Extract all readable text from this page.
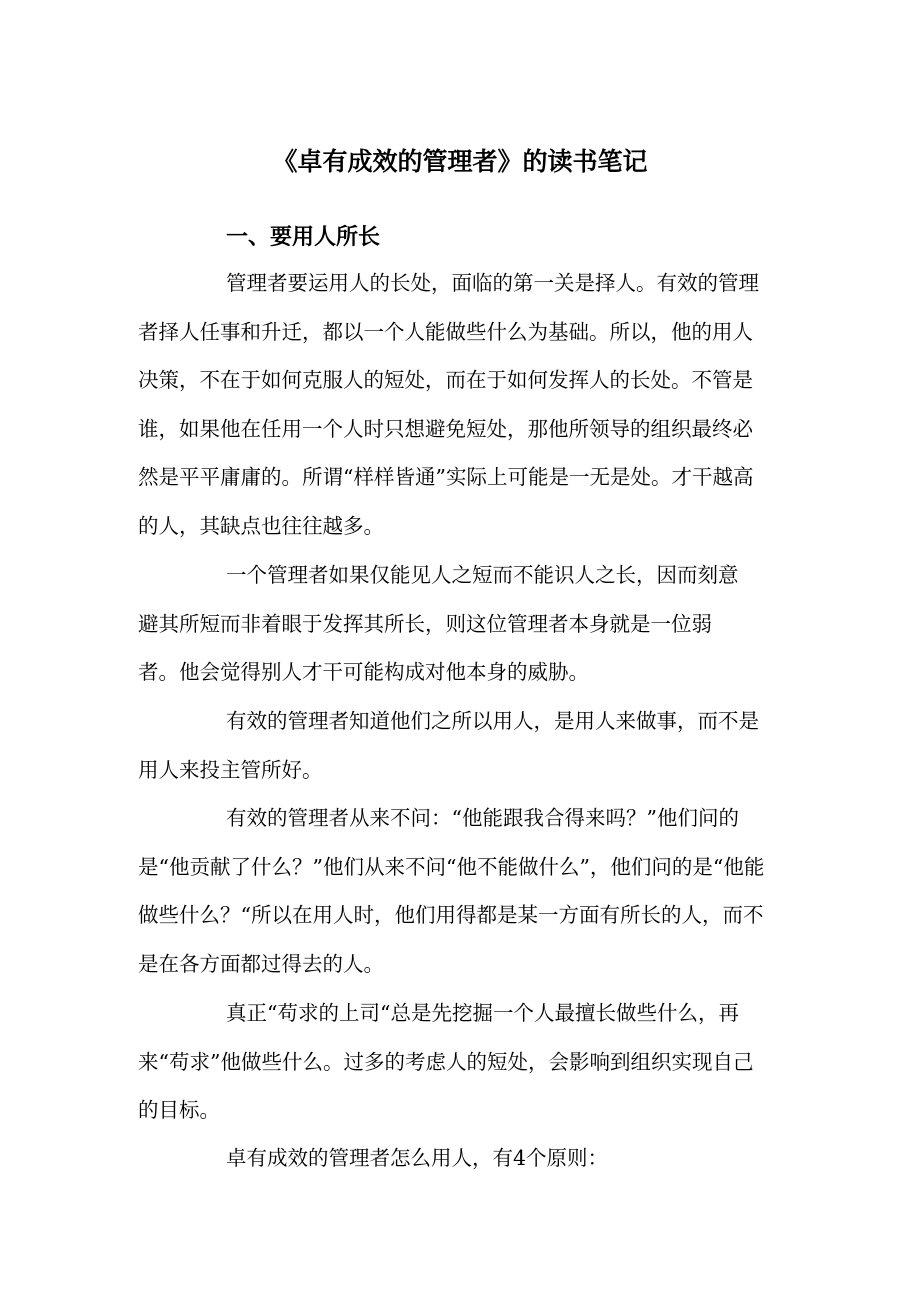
《卓有成效的管理者》的读书笔记
一、要用人所长

管理者要运用人的长处，面临的第一关是择人。有效的管理者择人任事和升迁，都以一个人能做些什么为基础。所以，他的用人决策，不在于如何克服人的短处，而在于如何发挥人的长处。不管是谁，如果他在任用一个人时只想避免短处，那他所领导的组织最终必然是平平庸庸的。所谓“样样皆通”实际上可能是一无是处。才干越高的人，其缺点也往往越多。

一个管理者如果仅能见人之短而不能识人之长，因而刻意避其所短而非着眼于发挥其所长，则这位管理者本身就是一位弱者。他会觉得别人才干可能构成对他本身的威胁。

有效的管理者知道他们之所以用人，是用人来做事，而不是用人来投主管所好。

有效的管理者从来不问：“他能跟我合得来吗？”他们问的是“他贡献了什么？”他们从来不问“他不能做什么”，他们问的是“他能做些什么？“所以在用人时，他们用得都是某一方面有所长的人，而不是在各方面都过得去的人。

真正“苟求的上司“总是先挖掘一个人最擅长做些什么，再来“苟求”他做些什么。过多的考虑人的短处，会影响到组织实现自己的目标。

卓有成效的管理者怎么用人，有4个原则：
